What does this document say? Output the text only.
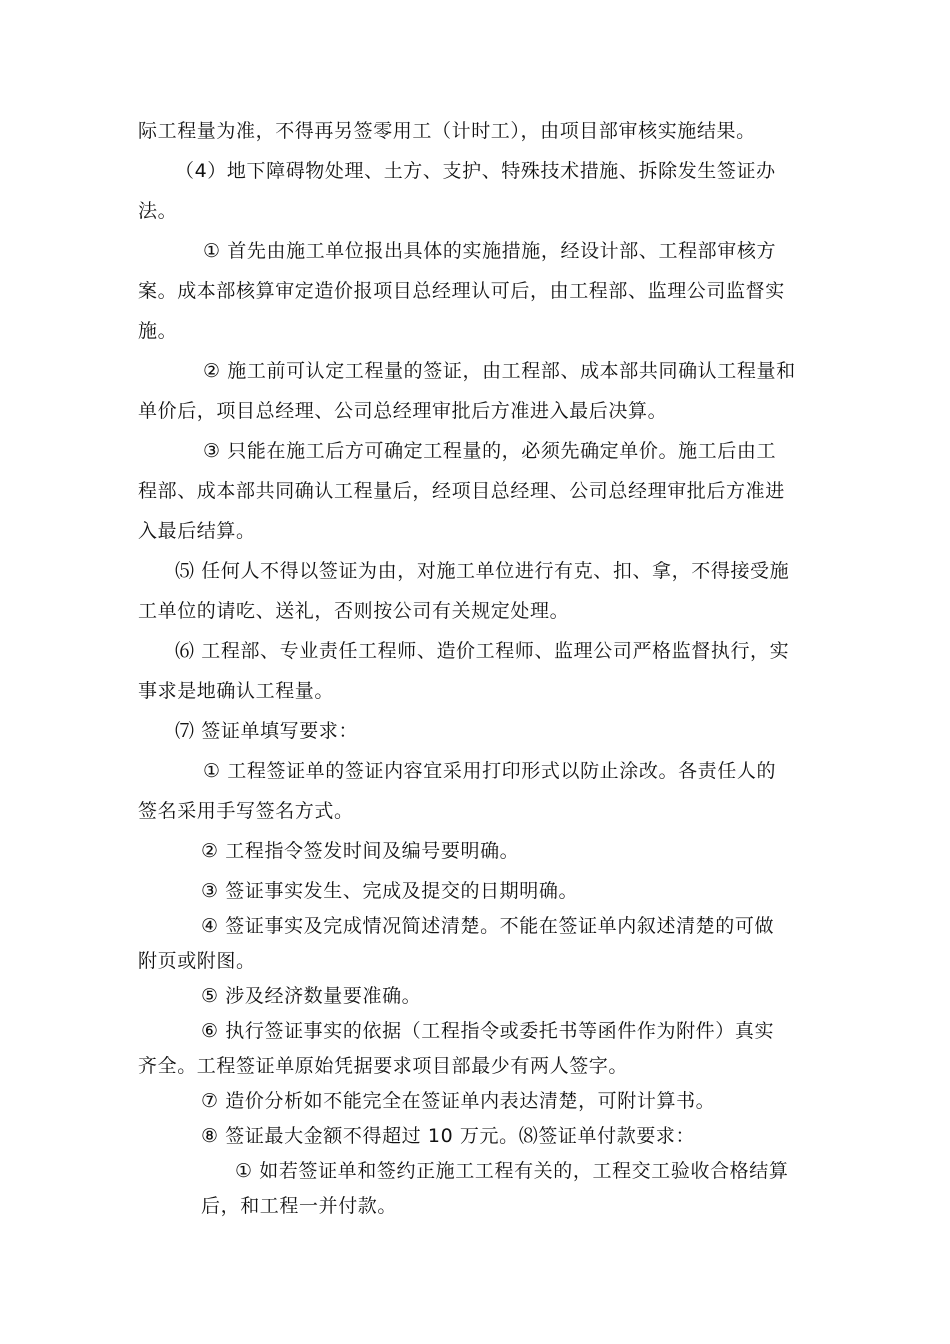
际工程量为准，不得再另签零用工（计时工），由项目部审核实施结果。
（4）地下障碍物处理、土方、支护、特殊技术措施、拆除发生签证办
法。
① 首先由施工单位报出具体的实施措施，经设计部、工程部审核方
案。成本部核算审定造价报项目总经理认可后，由工程部、监理公司监督实
施。
② 施工前可认定工程量的签证，由工程部、成本部共同确认工程量和
单价后，项目总经理、公司总经理审批后方准进入最后决算。
③ 只能在施工后方可确定工程量的，必须先确定单价。施工后由工
程部、成本部共同确认工程量后，经项目总经理、公司总经理审批后方准进
入最后结算。
⑸ 任何人不得以签证为由，对施工单位进行有克、扣、拿，不得接受施
工单位的请吃、送礼，否则按公司有关规定处理。
⑹ 工程部、专业责任工程师、造价工程师、监理公司严格监督执行，实
事求是地确认工程量。
⑺ 签证单填写要求：
① 工程签证单的签证内容宜采用打印形式以防止涂改。各责任人的
签名采用手写签名方式。
② 工程指令签发时间及编号要明确。
③ 签证事实发生、完成及提交的日期明确。
④ 签证事实及完成情况简述清楚。不能在签证单内叙述清楚的可做
附页或附图。
⑤ 涉及经济数量要准确。
⑥ 执行签证事实的依据（工程指令或委托书等函件作为附件）真实
齐全。工程签证单原始凭据要求项目部最少有两人签字。
⑦ 造价分析如不能完全在签证单内表达清楚，可附计算书。
⑧ 签证最大金额不得超过 10 万元。⑻签证单付款要求：
① 如若签证单和签约正施工工程有关的，工程交工验收合格结算
后，和工程一并付款。
